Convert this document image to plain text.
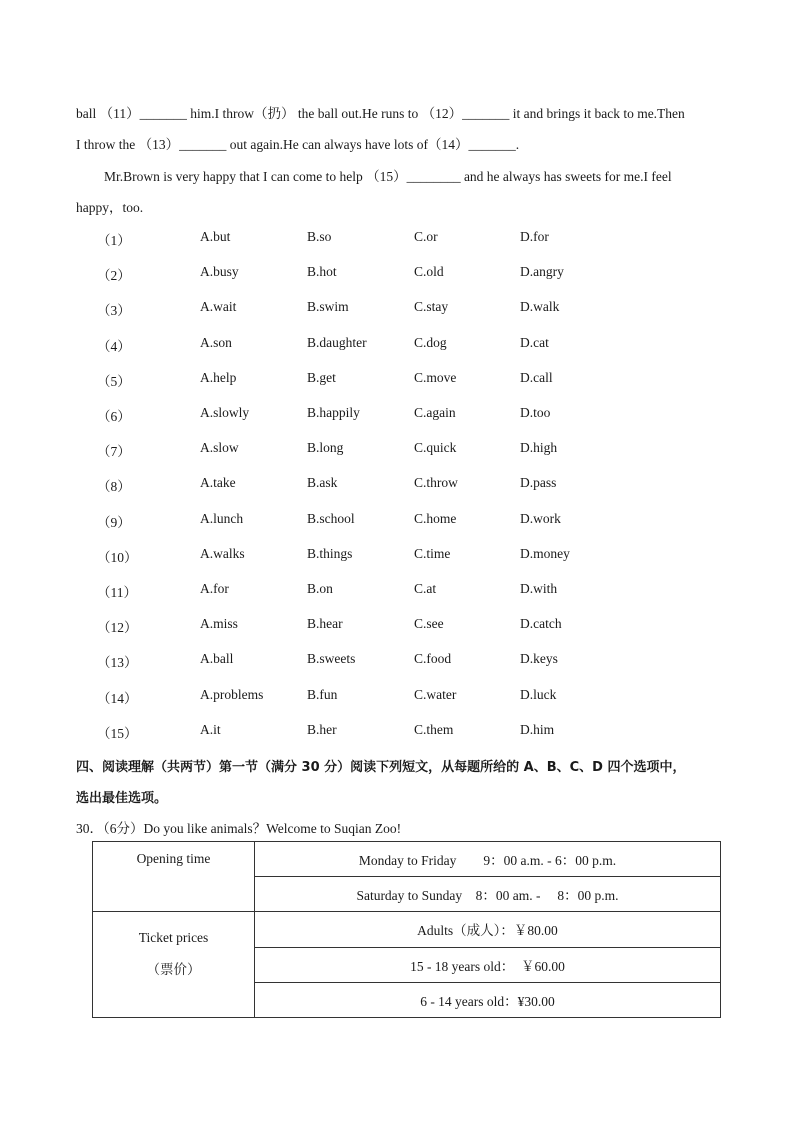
ball （11）_______ him.I throw（扔） the ball out.He runs to （12）_______ it and brings it back to me.Then
I throw the （13）_______ out again.He can always have lots of（14）_______.
Mr.Brown is very happy that I can come to help （15）________ and he always has sweets for me.I feel
happy，too.
（1）	A.but	B.so	C.or	D.for
（2）	A.busy	B.hot	C.old	D.angry
（3）	A.wait	B.swim	C.stay	D.walk
（4）	A.son	B.daughter	C.dog	D.cat
（5）	A.help	B.get	C.move	D.call
（6）	A.slowly	B.happily	C.again	D.too
（7）	A.slow	B.long	C.quick	D.high
（8）	A.take	B.ask	C.throw	D.pass
（9）	A.lunch	B.school	C.home	D.work
（10）	A.walks	B.things	C.time	D.money
（11）	A.for	B.on	C.at	D.with
（12）	A.miss	B.hear	C.see	D.catch
（13）	A.ball	B.sweets	C.food	D.keys
（14）	A.problems	B.fun	C.water	D.luck
（15）	A.it	B.her	C.them	D.him
四、阅读理解（共两节）第一节（满分 30 分）阅读下列短文，从每题所给的 A、B、C、D 四个选项中，
选出最佳选项。
30．（6分）Do you like animals？Welcome to Suqian Zoo!
Opening time	Monday to Friday　　9：00 a.m. - 6：00 p.m.
	Saturday to Sunday　8：00 am. - 　8：00 p.m.

Ticket prices
（票价）	Adults（成人）：￥80.00
	15 - 18 years old：　￥60.00
	6 - 14 years old：¥30.00
